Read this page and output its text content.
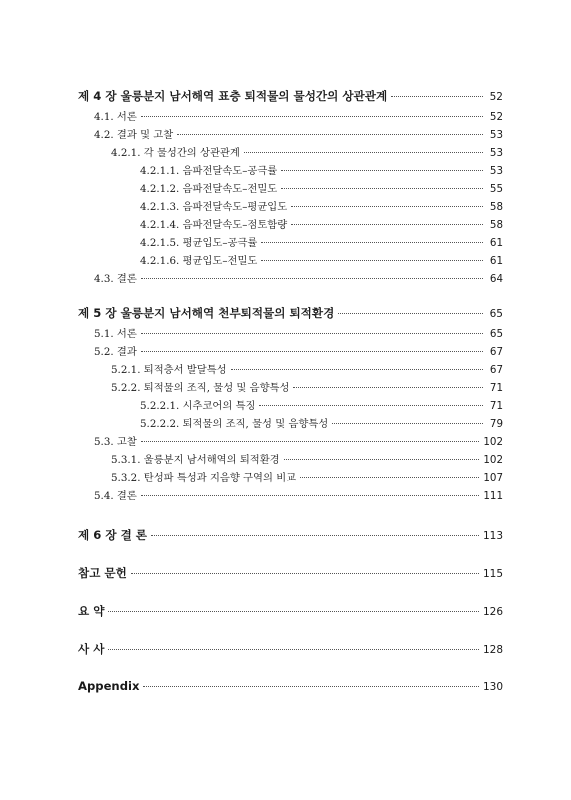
제 4 장 울릉분지 남서해역 표층 퇴적물의 물성간의 상관관계	52
4.1. 서론	52
4.2. 결과 및 고찰	53
4.2.1. 각 물성간의 상관관계	53
4.2.1.1. 음파전달속도–공극률	53
4.2.1.2. 음파전달속도–전밀도	55
4.2.1.3. 음파전달속도–평균입도	58
4.2.1.4. 음파전달속도–점토함량	58
4.2.1.5. 평균입도–공극률	61
4.2.1.6. 평균입도–전밀도	61
4.3. 결론	64
제 5 장 울릉분지 남서해역 천부퇴적물의 퇴적환경	65
5.1. 서론	65
5.2. 결과	67
5.2.1. 퇴적층서 발달특성	67
5.2.2. 퇴적물의 조직, 물성 및 음향특성	71
5.2.2.1. 시추코어의 특징	71
5.2.2.2. 퇴적물의 조직, 물성 및 음향특성	79
5.3. 고찰	102
5.3.1. 울릉분지 남서해역의 퇴적환경	102
5.3.2. 탄성파 특성과 지음향 구역의 비교	107
5.4. 결론	111
제 6 장 결 론	113
참고 문헌	115
요 약	126
사 사	128
Appendix	130
